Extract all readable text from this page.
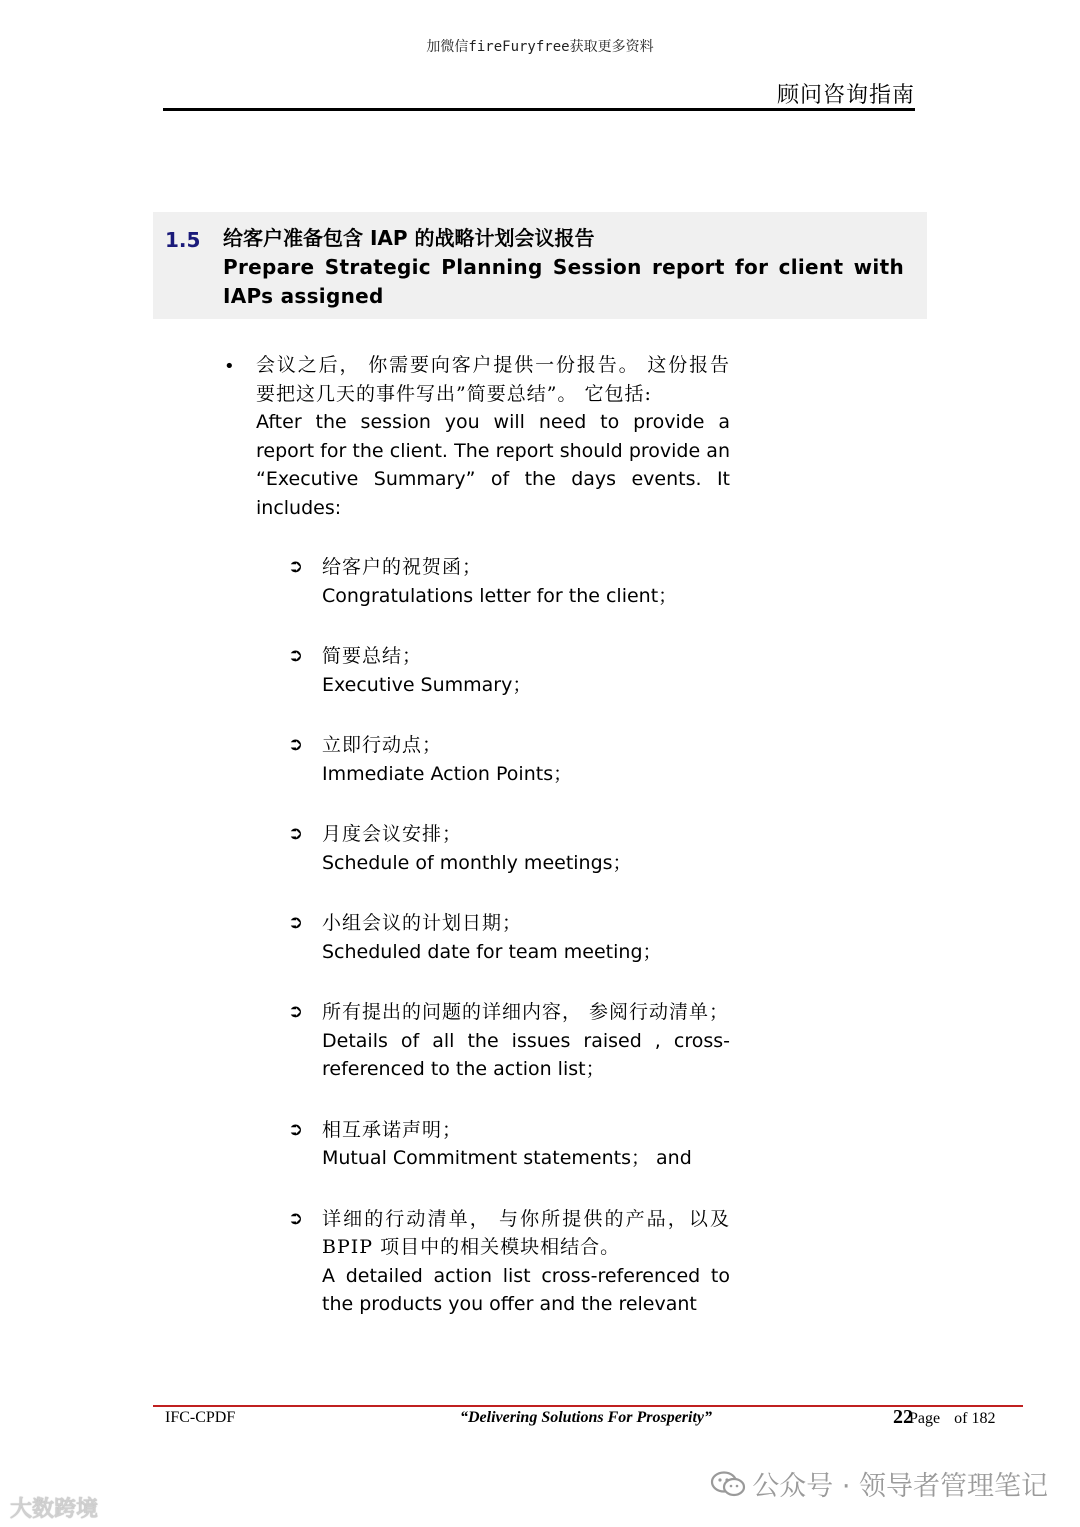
加微信fireFuryfree获取更多资料
顾问咨询指南
1.5 给客户准备包含 IAP 的战略计划会议报告
Prepare Strategic Planning Session report for client with IAPs assigned
• 会议之后， 你需要向客户提供一份报告。 这份报告要把这几天的事件写出”简要总结”。 它包括:

After the session you will need to provide a report for the client. The report should provide an “Executive Summary” of the days events. It includes:

➲ 给客户的祝贺函；

Congratulations letter for the client；

➲ 简要总结；

Executive Summary；

➲ 立即行动点；

Immediate Action Points；

➲ 月度会议安排；

Schedule of monthly meetings；

➲ 小组会议的计划日期；

Scheduled date for team meeting；

➲ 所有提出的问题的详细内容， 参阅行动清单；

Details of all the issues raised , cross-referenced to the action list；

➲ 相互承诺声明；

Mutual Commitment statements； and

➲ 详细的行动清单， 与你所提供的产品，以及 BPIP 项目中的相关模块相结合。

A detailed action list cross-referenced to the products you offer and the relevant

IFC-CPDF	“Delivering Solutions For Prosperity”	22Page of 182
大数跨境
公众号 · 领导者管理笔记
